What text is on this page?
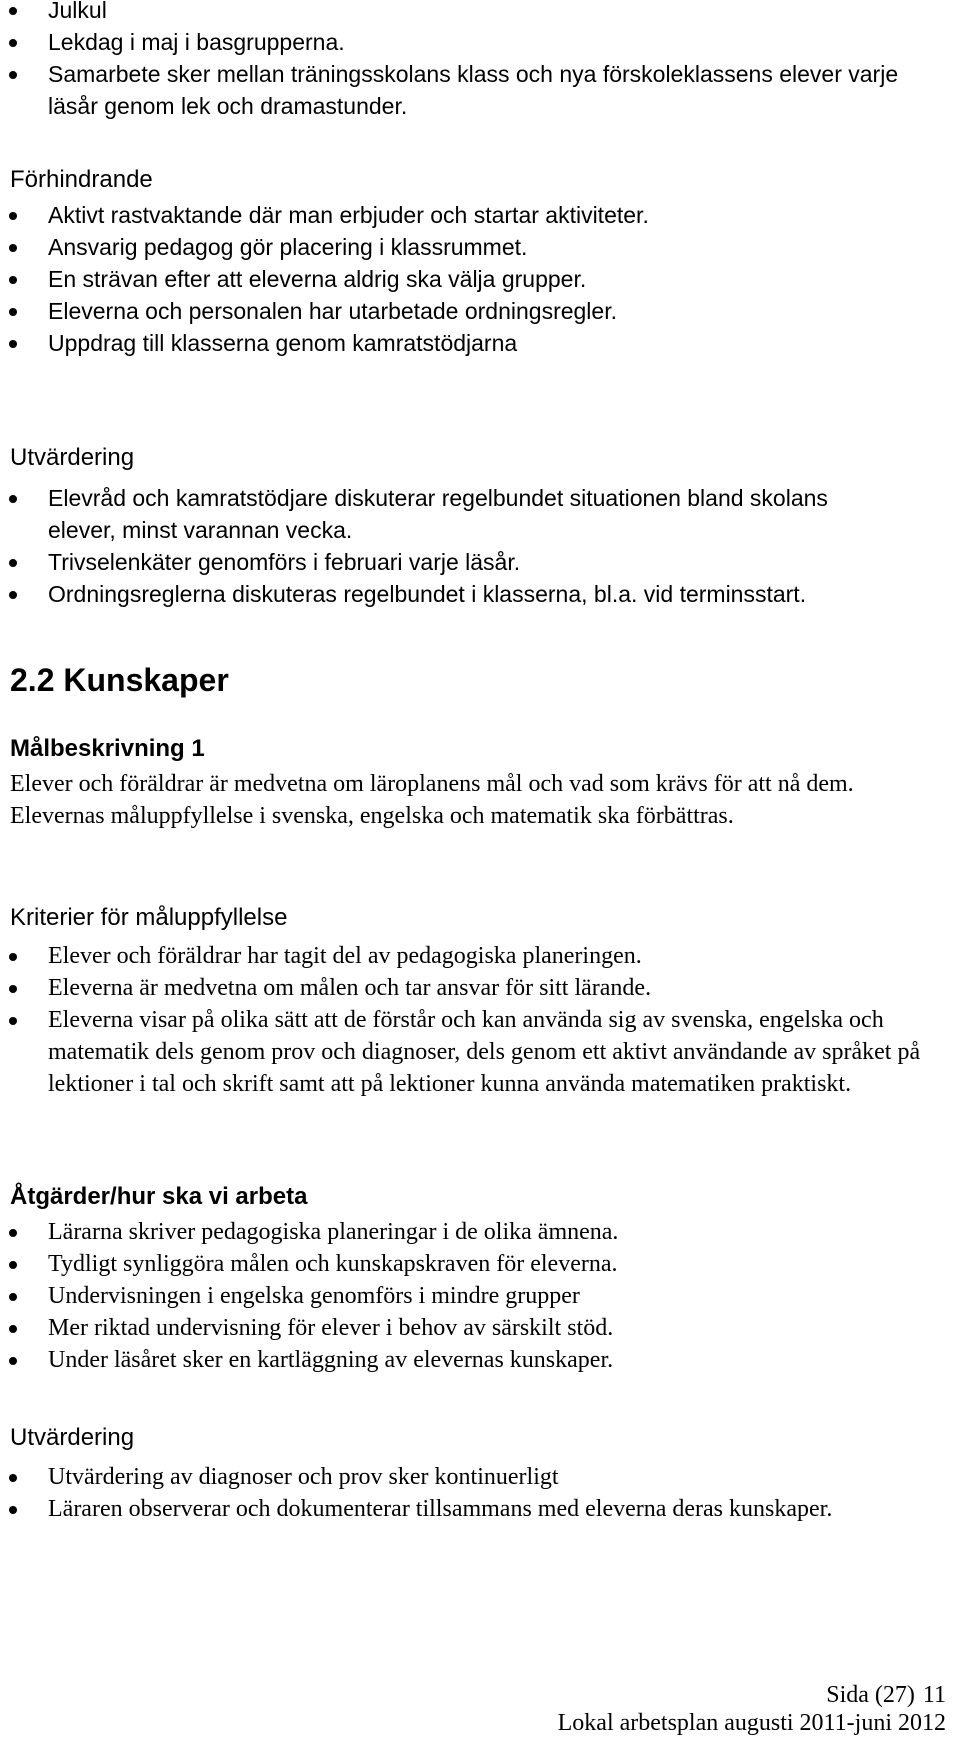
Julkul
Lekdag i maj i basgrupperna.
Samarbete sker mellan träningsskolans klass och nya förskoleklassens elever varje läsår genom lek och dramastunder.
Förhindrande
Aktivt rastvaktande där man erbjuder och startar aktiviteter.
Ansvarig pedagog gör placering i klassrummet.
En strävan efter att eleverna aldrig ska välja grupper.
Eleverna och personalen har utarbetade ordningsregler.
Uppdrag till klasserna genom kamratstödjarna
Utvärdering
Elevråd och kamratstödjare diskuterar regelbundet situationen bland skolans elever, minst varannan vecka.
Trivselenkäter genomförs i februari varje läsår.
Ordningsreglerna diskuteras regelbundet i klasserna, bl.a. vid terminsstart.
2.2 Kunskaper
Målbeskrivning 1

Elever och föräldrar är medvetna om läroplanens mål och vad som krävs för att nå dem.

Elevernas måluppfyllelse i svenska, engelska och matematik ska förbättras.

Kriterier för måluppfyllelse
Elever och föräldrar har tagit del av pedagogiska planeringen.
Eleverna är medvetna om målen och tar ansvar för sitt lärande.
Eleverna visar på olika sätt att de förstår och kan använda sig av svenska, engelska och matematik dels genom prov och diagnoser, dels genom ett aktivt användande av språket på lektioner i tal och skrift samt att på lektioner kunna använda matematiken praktiskt.
Åtgärder/hur ska vi arbeta
Lärarna skriver pedagogiska planeringar i de olika ämnena.
Tydligt synliggöra målen och kunskapskraven för eleverna.
Undervisningen i engelska genomförs i mindre grupper
Mer riktad undervisning för elever i behov av särskilt stöd.
Under läsåret sker en kartläggning av elevernas kunskaper.
Utvärdering
Utvärdering av diagnoser och prov sker kontinuerligt
Läraren observerar och dokumenterar tillsammans med eleverna deras kunskaper.
Sida (27) 11
Lokal arbetsplan augusti 2011-juni 2012
